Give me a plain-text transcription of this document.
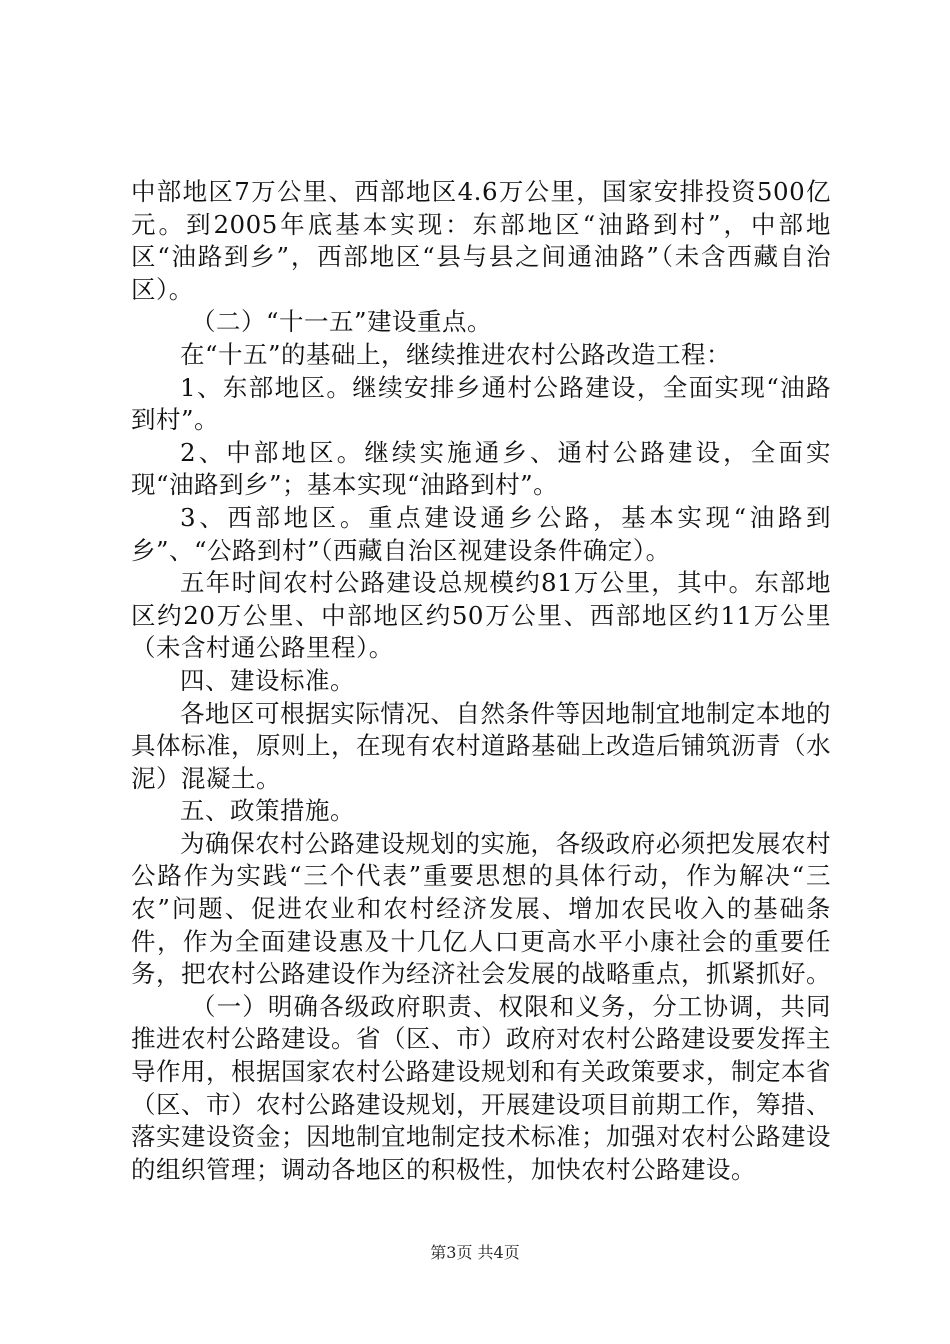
中部地区7万公里、西部地区4.6万公里，国家安排投资500亿元。到2005年底基本实现：东部地区“油路到村”，中部地区“油路到乡”，西部地区“县与县之间通油路”（未含西藏自治区）。

（二）“十一五”建设重点。

在“十五”的基础上，继续推进农村公路改造工程：

1、东部地区。继续安排乡通村公路建设，全面实现“油路到村”。

2、中部地区。继续实施通乡、通村公路建设，全面实现“油路到乡”；基本实现“油路到村”。

3、西部地区。重点建设通乡公路，基本实现“油路到乡”、“公路到村”（西藏自治区视建设条件确定）。

五年时间农村公路建设总规模约81万公里，其中。东部地区约20万公里、中部地区约50万公里、西部地区约11万公里（未含村通公路里程）。

四、建设标准。

各地区可根据实际情况、自然条件等因地制宜地制定本地的具体标准，原则上，在现有农村道路基础上改造后铺筑沥青（水泥）混凝土。

五、政策措施。

为确保农村公路建设规划的实施，各级政府必须把发展农村公路作为实践“三个代表”重要思想的具体行动，作为解决“三农”问题、促进农业和农村经济发展、增加农民收入的基础条件，作为全面建设惠及十几亿人口更高水平小康社会的重要任务，把农村公路建设作为经济社会发展的战略重点，抓紧抓好。

（一）明确各级政府职责、权限和义务，分工协调，共同推进农村公路建设。省（区、市）政府对农村公路建设要发挥主导作用，根据国家农村公路建设规划和有关政策要求，制定本省（区、市）农村公路建设规划，开展建设项目前期工作，筹措、落实建设资金；因地制宜地制定技术标准；加强对农村公路建设的组织管理；调动各地区的积极性，加快农村公路建设。

第3页 共4页
